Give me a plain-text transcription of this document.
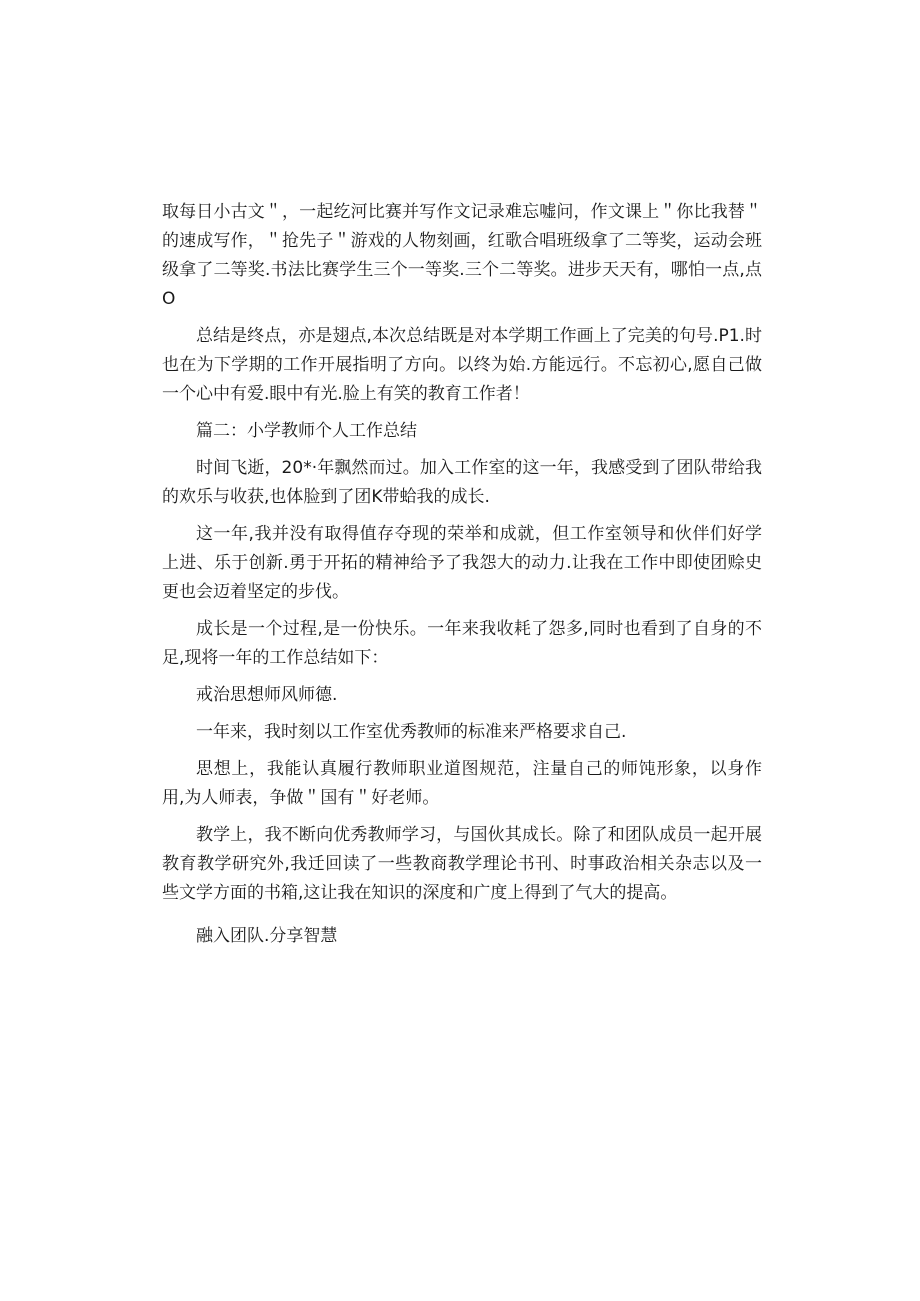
取每日小古文＂，一起纥河比赛并写作文记录难忘嘘问，作文课上＂你比我替＂的速成写作，＂抢先子＂游戏的人物刻画，红歌合唱班级拿了二等奖，运动会班级拿了二等奖.书法比赛学生三个一等奖.三个二等奖。进步天天有，哪怕一点,点O

总结是终点，亦是翅点,本次总结既是对本学期工作画上了完美的句号.P1.时也在为下学期的工作开展指明了方向。以终为始.方能远行。不忘初心,愿自己做一个心中有爱.眼中有光.脸上有笑的教育工作者！

篇二：小学教师个人工作总结

时间飞逝，20*·年飘然而过。加入工作室的这一年，我感受到了团队带给我的欢乐与收获,也体脸到了团K带蛤我的成长.

这一年,我并没有取得值存夺现的荣举和成就，但工作室领导和伙伴们好学上进、乐于创新.勇于开拓的精神给予了我怨大的动力.让我在工作中即使团赊史更也会迈着坚定的步伐。

成长是一个过程,是一份快乐。一年来我收耗了怨多,同时也看到了自身的不足,现将一年的工作总结如下：

戒治思想师风师德.

一年来，我时刻以工作室优秀教师的标准来严格要求自己.

思想上，我能认真履行教师职业道图规范，注量自己的师饨形象，以身作用,为人师表，争做＂国有＂好老师。

教学上，我不断向优秀教师学习，与国伙其成长。除了和团队成员一起开展教育教学研究外,我迁回读了一些教商教学理论书刊、时事政治相关杂志以及一些文学方面的书箱,这让我在知识的深度和广度上得到了气大的提高。

融入团队.分享智慧
